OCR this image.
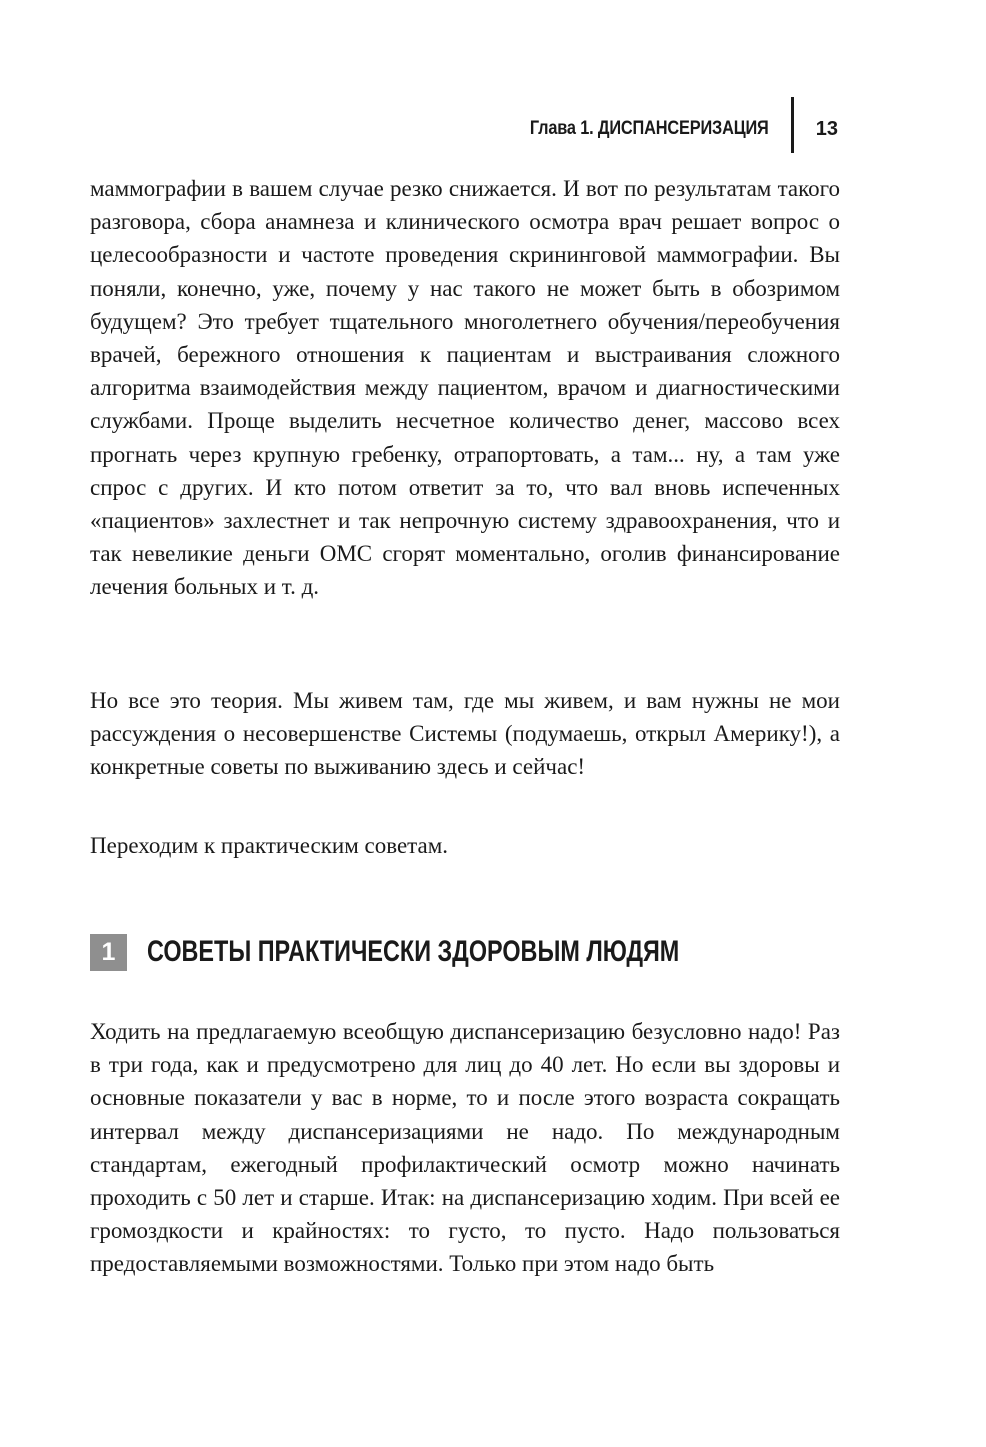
Глава 1. ДИСПАНСЕРИЗАЦИЯ 13

маммографии в вашем случае резко снижается. И вот по результатам такого разговора, сбора анамнеза и клинического осмотра врач решает вопрос о целесообразности и частоте проведения скрининговой маммографии. Вы поняли, конечно, уже, почему у нас такого не может быть в обозримом будущем? Это требует тщательного многолетнего обучения/переобучения врачей, бережного отношения к пациентам и выстраивания сложного алгоритма взаимодействия между пациентом, врачом и диагностическими службами. Проще выделить несчетное количество денег, массово всех прогнать через крупную гребенку, отрапортовать, а там... ну, а там уже спрос с других. И кто потом ответит за то, что вал вновь испеченных «пациентов» захлестнет и так непрочную систему здравоохранения, что и так невеликие деньги ОМС сгорят моментально, оголив финансирование лечения больных и т. д.

Но все это теория. Мы живем там, где мы живем, и вам нужны не мои рассуждения о несовершенстве Системы (подумаешь, открыл Америку!), а конкретные советы по выживанию здесь и сейчас!

Переходим к практическим советам.

1	СОВЕТЫ ПРАКТИЧЕСКИ ЗДОРОВЫМ ЛЮДЯМ

Ходить на предлагаемую всеобщую диспансеризацию безусловно надо! Раз в три года, как и предусмотрено для лиц до 40 лет. Но если вы здоровы и основные показатели у вас в норме, то и после этого возраста сокращать интервал между диспансеризациями не надо. По международным стандартам, ежегодный профилактический осмотр можно начинать проходить с 50 лет и старше. Итак: на диспансеризацию ходим. При всей ее громоздкости и крайностях: то густо, то пусто. Надо пользоваться предоставляемыми возможностями. Только при этом надо быть
